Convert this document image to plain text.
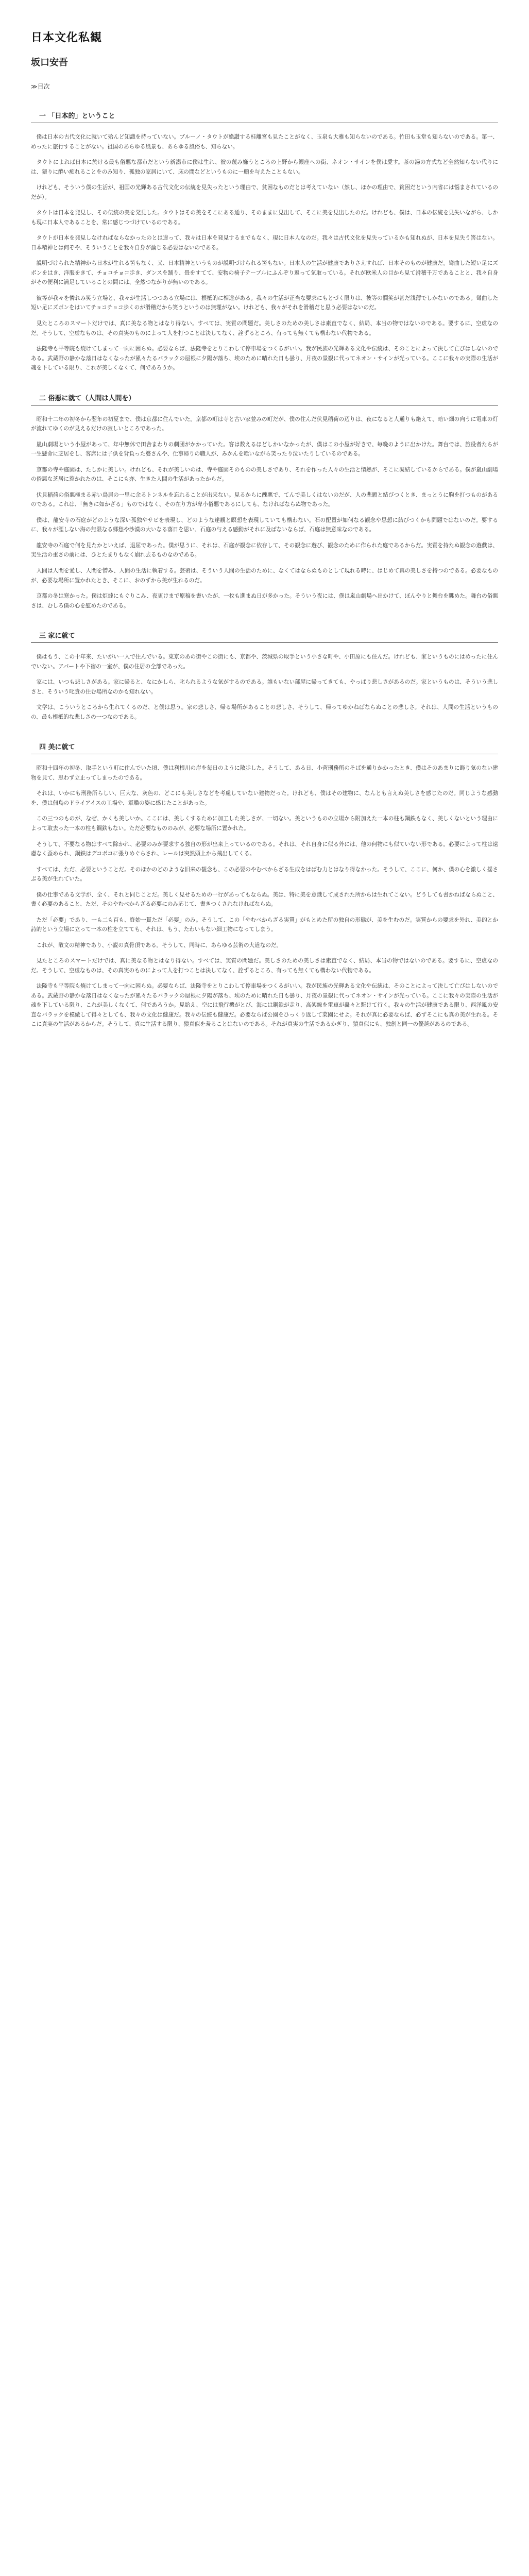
日本文化私観
坂口安吾
≫目次
一 「日本的」ということ

僕は日本の古代文化に就いて殆んど知識を持っていない。ブルーノ・タウトが絶讃する桂離宮も見たことがなく、玉泉も大雅も知らないのである。竹田も玉堂も知らないのである。第一、めったに旅行することがない。祖国のあらゆる風景も、あらゆる風俗も、知らない。

タウトによれば日本に於ける最も俗悪な都市だという新潟市に僕は生れ、彼の蔑み嫌うところの上野から銀座への街、ネオン・サインを僕は愛す。茶の湯の方式など全然知らない代りには、猥りに酔い痴れることをのみ知り、孤独の家居にいて、床の間などというものに一顧を与えたこともない。

けれども、そういう僕の生活が、祖国の光輝ある古代文化の伝統を見失ったという理由で、貧困なものだとは考えていない（然し、ほかの理由で、貧困だという内省には悩まされているのだが）。

タウトは日本を発見し、その伝統の美を発見した。タウトはその美をそこにある通り、そのままに見出して、そこに美を見出したのだ。けれども、僕は、日本の伝統を見失いながら、しかも現に日本人であることを、常に感じつづけているのである。

タウトが日本を発見しなければならなかったのとは違って、我々は日本を発見するまでもなく、現に日本人なのだ。我々は古代文化を見失っているかも知れぬが、日本を見失う筈はない。日本精神とは何ぞや、そういうことを我々自身が論じる必要はないのである。

説明づけられた精神から日本が生れる筈もなく、又、日本精神というものが説明づけられる筈もない。日本人の生活が健康でありさえすれば、日本そのものが健康だ。彎曲した短い足にズボンをはき、洋服をきて、チョコチョコ歩き、ダンスを踊り、畳をすてて、安物の椅子テーブルにふんぞり返って気取っている。それが欧米人の目から見て滑稽千万であることと、我々自身がその便利に満足していることの間には、全然つながりが無いのである。

彼等が我々を憐れみ笑う立場と、我々が生活しつつある立場には、根柢的に相違がある。我々の生活が正当な要求にもとづく限りは、彼等の憫笑が甚だ浅薄でしかないのである。彎曲した短い足にズボンをはいてチョコチョコ歩くのが滑稽だから笑うというのは無理がない。けれども、我々がそれを滑稽だと思う必要はないのだ。

見たところのスマートだけでは、真に美なる物とはなり得ない。すべては、実質の問題だ。美しさのための美しさは素直でなく、結局、本当の物ではないのである。要するに、空虚なのだ。そうして、空虚なものは、その真実のものによって人を打つことは決してなく、詮ずるところ、有っても無くても構わない代物である。

法隆寺も平等院も焼けてしまって一向に困らぬ。必要ならば、法隆寺をとりこわして停車場をつくるがいい。我が民族の光輝ある文化や伝統は、そのことによって決して亡びはしないのである。武蔵野の静かな落日はなくなったが累々たるバラックの屋根に夕陽が落ち、埃のために晴れた日も曇り、月夜の景観に代ってネオン・サインが光っている。ここに我々の実際の生活が魂を下している限り、これが美しくなくて、何であろうか。

二 俗悪に就て（人間は人間を）

昭和十二年の初冬から翌年の初夏まで、僕は京都に住んでいた。京都の町は寺と古い家並みの町だが、僕の住んだ伏見稲荷の辺りは、夜になると人通りも絶えて、暗い畑の向うに電車の灯が流れてゆくのが見えるだけの寂しいところであった。

嵐山劇場という小屋があって、年中無休で田舎まわりの劇団がかかっていた。客は数えるほどしかいなかったが、僕はこの小屋が好きで、毎晩のように出かけた。舞台では、旅役者たちが一生懸命に芝居をし、客席には子供を背負った婆さんや、仕事帰りの職人が、みかんを喰いながら笑ったり泣いたりしているのである。

京都の寺や庭園は、たしかに美しい。けれども、それが美しいのは、寺や庭園そのものの美しさであり、それを作った人々の生活と情熱が、そこに凝結しているからである。僕が嵐山劇場の俗悪な芝居に惹かれたのは、そこにも亦、生きた人間の生活があったからだ。

伏見稲荷の俗悪極まる赤い鳥居の一里に余るトンネルを忘れることが出来ない。見るからに醜悪で、てんで美しくはないのだが、人の悲願と結びつくとき、まっとうに胸を打つものがあるのである。これは、「無きに如かざる」ものではなく、その在り方が卑小俗悪であるにしても、なければならぬ物であった。

僕は、龍安寺の石庭がどのような深い孤独やサビを表現し、どのような達観と瞑想を表現していても構わない。石の配置が如何なる観念や思想に結びつくかも問題ではないのだ。要するに、我々が涯しない海の無限なる郷愁や沙漠の大いなる落日を思い、石庭の与える感動がそれに及ばないならば、石庭は無意味なのである。

龍安寺の石庭で何を見たかといえば、退屈であった。僕が思うに、それは、石庭が観念に依存して、その観念に遊び、観念のために作られた庭であるからだ。実質を持たぬ観念の遊戯は、実生活の重さの前には、ひとたまりもなく崩れ去るものなのである。

人間は人間を愛し、人間を憎み、人間の生活に執着する。芸術は、そういう人間の生活のために、なくてはならぬものとして現れる時に、はじめて真の美しさを持つのである。必要なものが、必要な場所に置かれたとき、そこに、おのずから美が生れるのだ。

京都の冬は寒かった。僕は炬燵にもぐりこみ、夜更けまで原稿を書いたが、一枚も進まぬ日が多かった。そういう夜には、僕は嵐山劇場へ出かけて、ぼんやりと舞台を眺めた。舞台の俗悪さは、むしろ僕の心を慰めたのである。

三 家に就て

僕はもう、この十年来、たいがい一人で住んでいる。東京のあの街やこの街にも、京都や、茨城県の取手という小さな町や、小田原にも住んだ。けれども、家というものにはめったに住んでいない。アパートや下宿の一室が、僕の住居の全部であった。

家には、いつも悲しさがある。家に帰ると、なにかしら、叱られるような気がするのである。誰もいない部屋に帰ってきても、やっぱり悲しさがあるのだ。家というものは、そういう悲しさと、そういう叱責の住む場所なのかも知れない。

文学は、こういうところから生れてくるのだ、と僕は思う。家の悲しさ、帰る場所があることの悲しさ、そうして、帰ってゆかねばならぬことの悲しさ。それは、人間の生活というものの、最も根柢的な悲しさの一つなのである。

四 美に就て

昭和十四年の初冬、取手という町に住んでいた頃、僕は利根川の岸を毎日のように散歩した。そうして、ある日、小菅刑務所のそばを通りかかったとき、僕はそのあまりに飾り気のない建物を見て、思わず立止ってしまったのである。

それは、いかにも刑務所らしい、巨大な、灰色の、どこにも美しさなどを考慮していない建物だった。けれども、僕はその建物に、なんとも言えぬ美しさを感じたのだ。同じような感動を、僕は佃島のドライアイスの工場や、軍艦の姿に感じたことがあった。

この三つのものが、なぜ、かくも美しいか。ここには、美しくするために加工した美しさが、一切ない。美というものの立場から附加えた一本の柱も鋼鉄もなく、美しくないという理由によって取去った一本の柱も鋼鉄もない。ただ必要なもののみが、必要な場所に置かれた。

そうして、不要なる物はすべて除かれ、必要のみが要求する独自の形が出来上っているのである。それは、それ自身に似る外には、他の何物にも似ていない形である。必要によって柱は遠慮なく歪められ、鋼鉄はデコボコに張りめぐらされ、レールは突然頭上から飛出してくる。

すべては、ただ、必要ということだ。そのほかのどのような旧来の観念も、この必要のやむべからざる生成をはばむ力とはなり得なかった。そうして、ここに、何か、僕の心を激しく揺さぶる美が生れていた。

僕の仕事である文学が、全く、それと同じことだ。美しく見せるための一行があってもならぬ。美は、特に美を意識して成された所からは生れてこない。どうしても書かねばならぬこと、書く必要のあること、ただ、そのやむべからざる必要にのみ応じて、書きつくされなければならぬ。

ただ「必要」であり、一も二も百も、終始一貫ただ「必要」のみ。そうして、この「やむべからざる実質」がもとめた所の独自の形態が、美を生むのだ。実質からの要求を外れ、美的とか詩的という立場に立って一本の柱を立てても、それは、もう、たわいもない細工物になってしまう。

これが、散文の精神であり、小説の真骨頂である。そうして、同時に、あらゆる芸術の大道なのだ。

見たところのスマートだけでは、真に美なる物とはなり得ない。すべては、実質の問題だ。美しさのための美しさは素直でなく、結局、本当の物ではないのである。要するに、空虚なのだ。そうして、空虚なものは、その真実のものによって人を打つことは決してなく、詮ずるところ、有っても無くても構わない代物である。

法隆寺も平等院も焼けてしまって一向に困らぬ。必要ならば、法隆寺をとりこわして停車場をつくるがいい。我が民族の光輝ある文化や伝統は、そのことによって決して亡びはしないのである。武蔵野の静かな落日はなくなったが累々たるバラックの屋根に夕陽が落ち、埃のために晴れた日も曇り、月夜の景観に代ってネオン・サインが光っている。ここに我々の実際の生活が魂を下している限り、これが美しくなくて、何であろうか。見給え、空には飛行機がとび、海には鋼鉄が走り、高架線を電車が轟々と駈けて行く。我々の生活が健康である限り、西洋風の安直なバラックを模倣して得々としても、我々の文化は健康だ。我々の伝統も健康だ。必要ならば公園をひっくり返して菜園にせよ。それが真に必要ならば、必ずそこにも真の美が生れる。そこに真実の生活があるからだ。そうして、真に生活する限り、猿真似を羞ることはないのである。それが真実の生活であるかぎり、猿真似にも、独創と同一の優越があるのである。
